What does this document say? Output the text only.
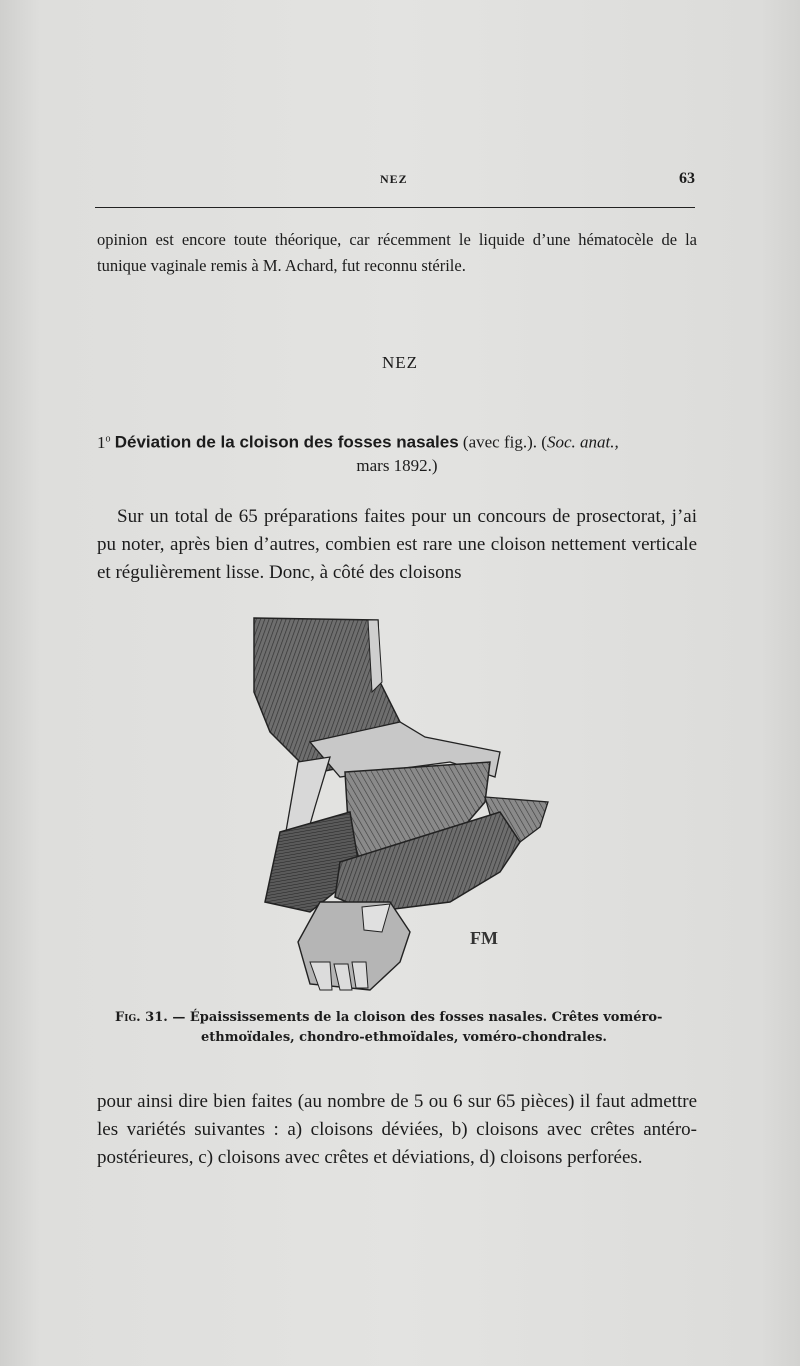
NEZ	63
opinion est encore toute théorique, car récemment le liquide d’une hématocèle de la tunique vaginale remis à M. Achard, fut reconnu stérile.
NEZ
1$^o$ Déviation de la cloison des fosses nasales (avec fig.). (Soc. anat.,
mars 1892.)
Sur un total de 65 préparations faites pour un concours de prosectorat, j’ai pu noter, après bien d’autres, combien est rare une cloison nettement verticale et régulièrement lisse. Donc, à côté des cloisons
FM
Fig. 31. — Épaississements de la cloison des fosses nasales. Crêtes voméro-
ethmoïdales, chondro-ethmoïdales, voméro-chondrales.
pour ainsi dire bien faites (au nombre de 5 ou 6 sur 65 pièces) il faut admettre les variétés suivantes : a) cloisons déviées, b) cloisons avec crêtes antéro-postérieures, c) cloisons avec crêtes et déviations, d) cloisons perforées.
